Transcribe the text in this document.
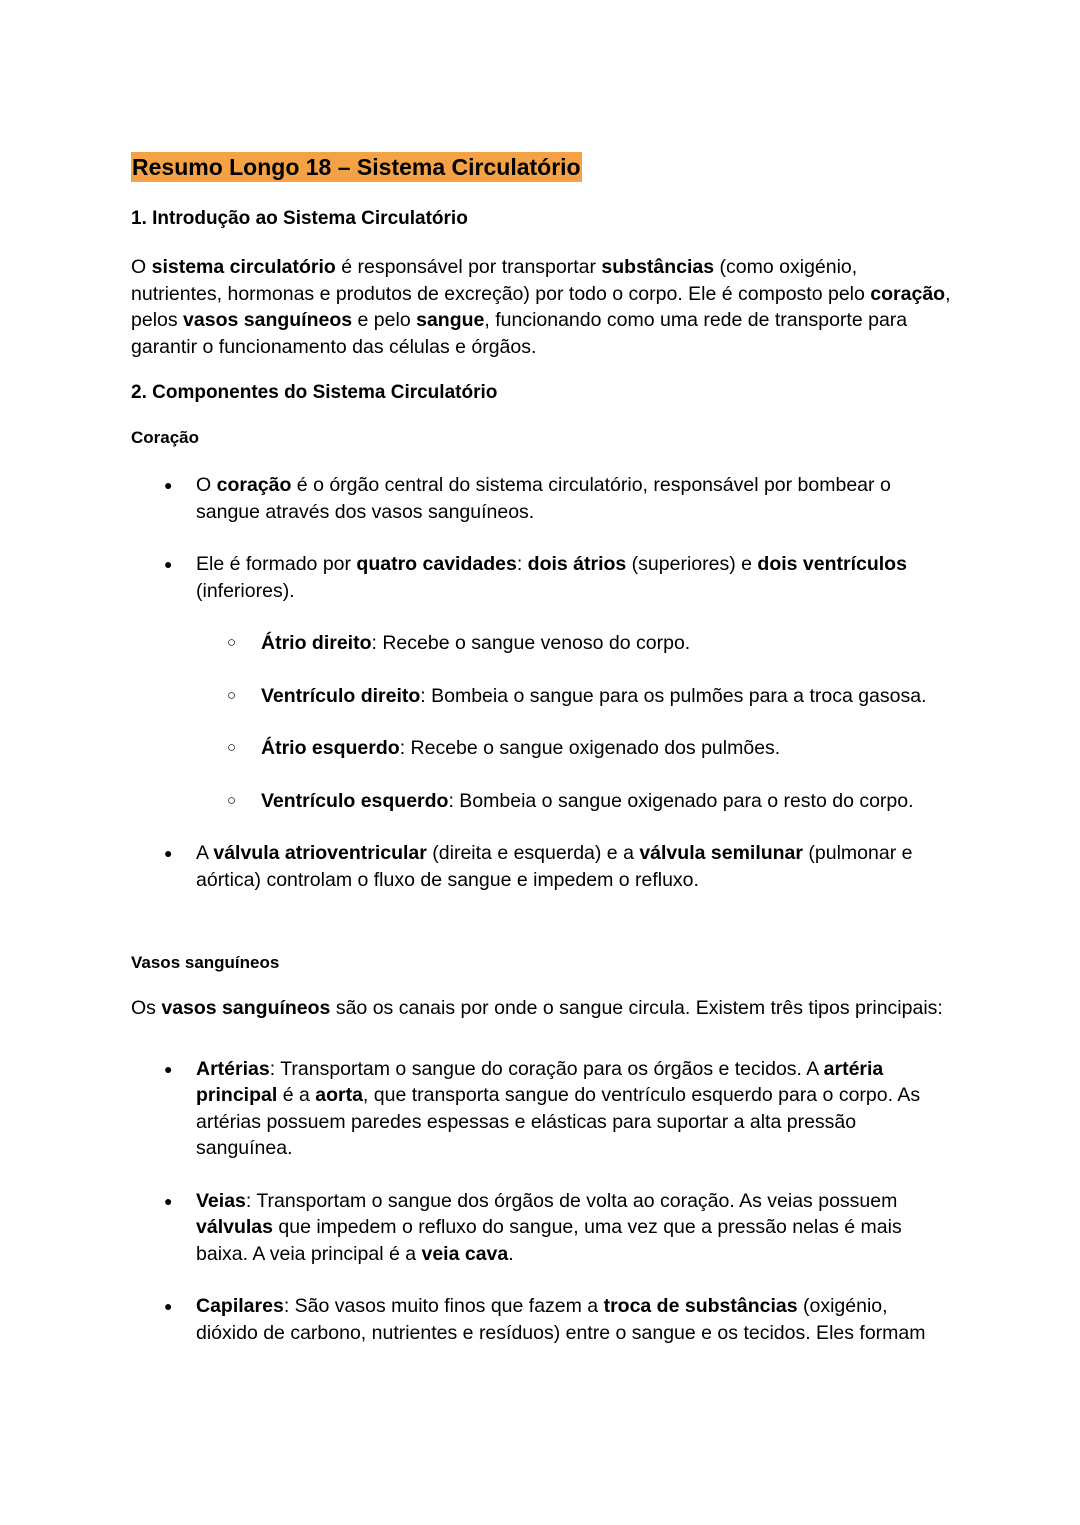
Resumo Longo 18 – Sistema Circulatório
1. Introdução ao Sistema Circulatório

O sistema circulatório é responsável por transportar substâncias (como oxigénio, nutrientes, hormonas e produtos de excreção) por todo o corpo. Ele é composto pelo coração, pelos vasos sanguíneos e pelo sangue, funcionando como uma rede de transporte para garantir o funcionamento das células e órgãos.

2. Componentes do Sistema Circulatório
Coração
● O coração é o órgão central do sistema circulatório, responsável por bombear o sangue através dos vasos sanguíneos.
● Ele é formado por quatro cavidades: dois átrios (superiores) e dois ventrículos (inferiores).
○ Átrio direito: Recebe o sangue venoso do corpo.
○ Ventrículo direito: Bombeia o sangue para os pulmões para a troca gasosa.
○ Átrio esquerdo: Recebe o sangue oxigenado dos pulmões.
○ Ventrículo esquerdo: Bombeia o sangue oxigenado para o resto do corpo.
● A válvula atrioventricular (direita e esquerda) e a válvula semilunar (pulmonar e aórtica) controlam o fluxo de sangue e impedem o refluxo.
Vasos sanguíneos

Os vasos sanguíneos são os canais por onde o sangue circula. Existem três tipos principais:

● Artérias: Transportam o sangue do coração para os órgãos e tecidos. A artéria principal é a aorta, que transporta sangue do ventrículo esquerdo para o corpo. As artérias possuem paredes espessas e elásticas para suportar a alta pressão sanguínea.
● Veias: Transportam o sangue dos órgãos de volta ao coração. As veias possuem válvulas que impedem o refluxo do sangue, uma vez que a pressão nelas é mais baixa. A veia principal é a veia cava.
● Capilares: São vasos muito finos que fazem a troca de substâncias (oxigénio, dióxido de carbono, nutrientes e resíduos) entre o sangue e os tecidos. Eles formam
